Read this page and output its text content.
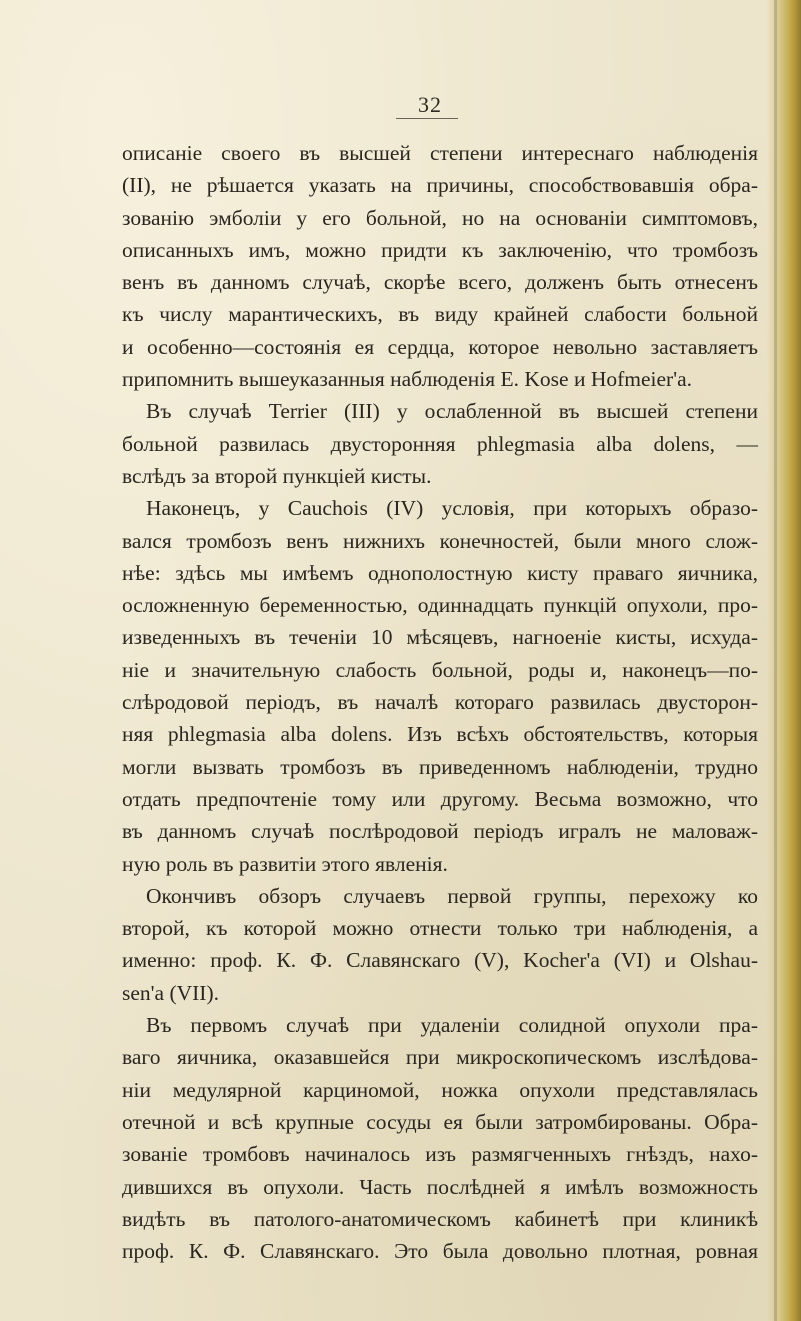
32
описаніе своего въ высшей степени интереснаго наблюденія
(II), не рѣшается указать на причины, способствовавшія обра-
зованію эмболіи у его больной, но на основаніи симптомовъ,
описанныхъ имъ, можно придти къ заключенію, что тромбозъ
венъ въ данномъ случаѣ, скорѣе всего, долженъ быть отнесенъ
къ числу марантическихъ, въ виду крайней слабости больной
и особенно—состоянія ея сердца, которое невольно заставляетъ
припомнить вышеуказанныя наблюденія E. Kose и Hofmeier'a.
Въ случаѣ Terrier (III) у ослабленной въ высшей степени
больной развилась двусторонняя phlegmasia alba dolens, —
вслѣдъ за второй пункціей кисты.
Наконецъ, у Cauchois (IV) условія, при которыхъ образо-
вался тромбозъ венъ нижнихъ конечностей, были много слож-
нѣе: здѣсь мы имѣемъ однополостную кисту праваго яичника,
осложненную беременностью, одиннадцать пункцій опухоли, про-
изведенныхъ въ теченіи 10 мѣсяцевъ, нагноеніе кисты, исхуда-
ніе и значительную слабость больной, роды и, наконецъ—по-
слѣродовой періодъ, въ началѣ котораго развилась двусторон-
няя phlegmasia alba dolens. Изъ всѣхъ обстоятельствъ, которыя
могли вызвать тромбозъ въ приведенномъ наблюденіи, трудно
отдать предпочтеніе тому или другому. Весьма возможно, что
въ данномъ случаѣ послѣродовой періодъ игралъ не маловаж-
ную роль въ развитіи этого явленія.
Окончивъ обзоръ случаевъ первой группы, перехожу ко
второй, къ которой можно отнести только три наблюденія, а
именно: проф. К. Ф. Славянскаго (V), Kocher'a (VI) и Olshau-
sen'a (VII).
Въ первомъ случаѣ при удаленіи солидной опухоли пра-
ваго яичника, оказавшейся при микроскопическомъ изслѣдова-
ніи медулярной карциномой, ножка опухоли представлялась
отечной и всѣ крупные сосуды ея были затромбированы. Обра-
зованіе тромбовъ начиналось изъ размягченныхъ гнѣздъ, нахо-
дившихся въ опухоли. Часть послѣдней я имѣлъ возможность
видѣть въ патолого-анатомическомъ кабинетѣ при клиникѣ
проф. К. Ф. Славянскаго. Это была довольно плотная, ровная
